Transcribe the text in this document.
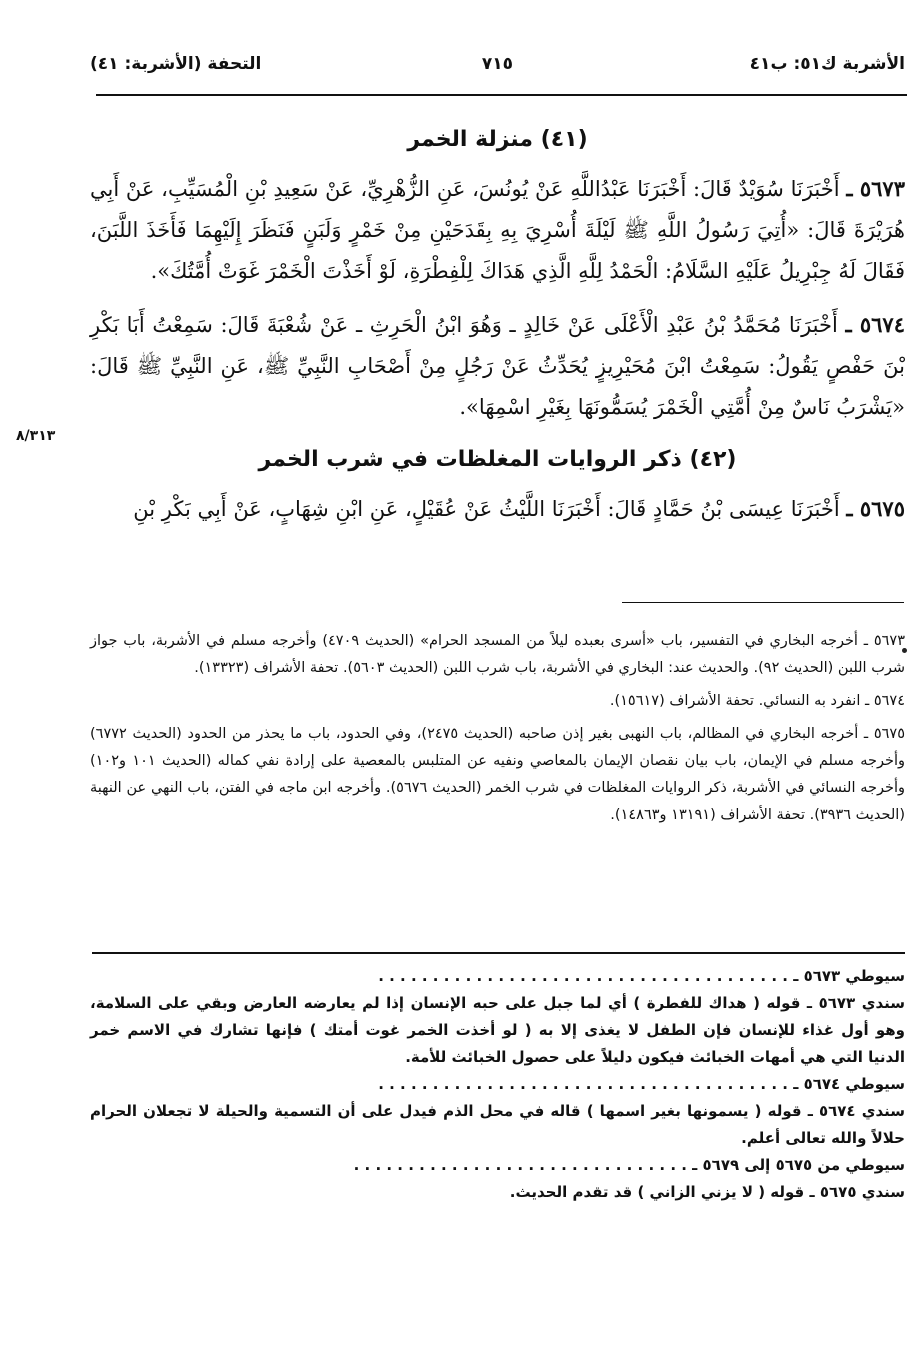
الأشربة ك٥١: ب٤١
٧١٥
التحفة (الأشربة: ٤١)
(٤١) منزلة الخمر

٥٦٧٣ ـ أَخْبَرَنَا سُوَيْدٌ قَالَ: أَخْبَرَنَا عَبْدُاللَّهِ عَنْ يُونُسَ، عَنِ الزُّهْرِيِّ، عَنْ سَعِيدِ بْنِ الْمُسَيِّبِ، عَنْ أَبِي هُرَيْرَةَ قَالَ: «أُتِيَ رَسُولُ اللَّهِ ﷺ لَيْلَةَ أُسْرِيَ بِهِ بِقَدَحَيْنِ مِنْ خَمْرٍ وَلَبَنٍ فَنَظَرَ إِلَيْهِمَا فَأَخَذَ اللَّبَنَ، فَقَالَ لَهُ جِبْرِيلُ عَلَيْهِ السَّلَامُ: الْحَمْدُ لِلَّهِ الَّذِي هَدَاكَ لِلْفِطْرَةِ، لَوْ أَخَذْتَ الْخَمْرَ غَوَتْ أُمَّتُكَ».

٥٦٧٤ ـ أَخْبَرَنَا مُحَمَّدُ بْنُ عَبْدِ الْأَعْلَى عَنْ خَالِدٍ ـ وَهُوَ ابْنُ الْحَرِثِ ـ عَنْ شُعْبَةَ قَالَ: سَمِعْتُ أَبَا بَكْرِ بْنَ حَفْصٍ يَقُولُ: سَمِعْتُ ابْنَ مُحَيْرِيزٍ يُحَدِّثُ عَنْ رَجُلٍ مِنْ أَصْحَابِ النَّبِيِّ ﷺ، عَنِ النَّبِيِّ ﷺ قَالَ: «يَشْرَبُ نَاسٌ مِنْ أُمَّتِي الْخَمْرَ يُسَمُّونَهَا بِغَيْرِ اسْمِهَا».

(٤٢) ذكر الروايات المغلظات في شرب الخمر

٥٦٧٥ ـ أَخْبَرَنَا عِيسَى بْنُ حَمَّادٍ قَالَ: أَخْبَرَنَا اللَّيْثُ عَنْ عُقَيْلٍ، عَنِ ابْنِ شِهَابٍ، عَنْ أَبِي بَكْرِ بْنِ

٨/٣١٣

٥٦٧٣ ـ أخرجه البخاري في التفسير، باب «أسرى بعبده ليلاً من المسجد الحرام» (الحديث ٤٧٠٩) وأخرجه مسلم في الأشربة، باب جواز شرب اللبن (الحديث ٩٢). والحديث عند: البخاري في الأشربة، باب شرب اللبن (الحديث ٥٦٠٣). تحفة الأشراف (١٣٣٢٣).

٥٦٧٤ ـ انفرد به النسائي. تحفة الأشراف (١٥٦١٧).

٥٦٧٥ ـ أخرجه البخاري في المظالم، باب النهبى بغير إذن صاحبه (الحديث ٢٤٧٥)، وفي الحدود، باب ما يحذر من الحدود (الحديث ٦٧٧٢) وأخرجه مسلم في الإيمان، باب بيان نقصان الإيمان بالمعاصي ونفيه عن المتلبس بالمعصية على إرادة نفي كماله (الحديث ١٠١ و١٠٢) وأخرجه النسائي في الأشربة، ذكر الروايات المغلظات في شرب الخمر (الحديث ٥٦٧٦). وأخرجه ابن ماجه في الفتن، باب النهي عن النهبة (الحديث ٣٩٣٦). تحفة الأشراف (١٣١٩١ و١٤٨٦٣).

سيوطي ٥٦٧٣ ـ . . . . . . . . . . . . . . . . . . . . . . . . . . . . . . . . . . . . . .

سندي ٥٦٧٣ ـ قوله ( هداك للفطرة ) أي لما جبل على حبه الإنسان إذا لم يعارضه العارض وبقي على السلامة، وهو أول غذاء للإنسان فإن الطفل لا يغذى إلا به ( لو أخذت الخمر غوت أمتك ) فإنها تشارك في الاسم خمر الدنيا التي هي أمهات الخبائث فيكون دليلاً على حصول الخبائث للأمة.

سيوطي ٥٦٧٤ ـ . . . . . . . . . . . . . . . . . . . . . . . . . . . . . . . . . . . . . .

سندي ٥٦٧٤ ـ قوله ( يسمونها بغير اسمها ) قاله في محل الذم فيدل على أن التسمية والحيلة لا تجعلان الحرام حلالاً والله تعالى أعلم.

سيوطي من ٥٦٧٥ إلى ٥٦٧٩ ـ . . . . . . . . . . . . . . . . . . . . . . . . . . . . . . .

سندي ٥٦٧٥ ـ قوله ( لا يزني الزاني ) قد تقدم الحديث.
